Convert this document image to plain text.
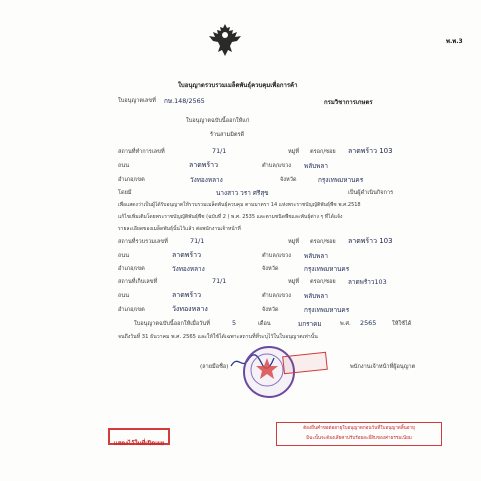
พ.พ.3
ใบอนุญาตรวบรวมเมล็ดพันธุ์ควบคุมเพื่อการค้า
ใบอนุญาตเลขที่ กษ.148/2565	กรมวิชาการเกษตร
ใบอนุญาตฉบับนี้ออกให้แก่
ร้านสามมิตรดี
สถานที่ทำการเลขที่	71/1	หมู่ที่ ตรอก/ซอย ลาดพร้าว 103
ถนน	ลาดพร้าว	ตำบล/แขวง พลับพลา
อำเภอ/เขต	วังทองหลาง	จังหวัด	กรุงเทพมหานคร
โดยมี	นางสาว วรา ศรีสุข	เป็นผู้ดำเนินกิจการ
เพื่อแสดงว่าเป็นผู้ได้รับอนุญาตให้รวบรวมเมล็ดพันธุ์ควบคุม ตามมาตรา 14 แห่งพระราชบัญญัติพันธุ์พืช พ.ศ.2518
แก้ไขเพิ่มเติมโดยพระราชบัญญัติพันธุ์พืช (ฉบับที่ 2 ) พ.ศ. 2535 และตามชนิดพืชและพันธุ์ต่าง ๆ ที่ได้แจ้ง
รายละเอียดของเมล็ดพันธุ์นั้นไว้แล้ว ต่อพนักงานเจ้าหน้าที่
สถานที่รวบรวมเลขที่	71/1	หมู่ที่ ตรอก/ซอย ลาดพร้าว 103
ถนน	ลาดพร้าว	ตำบล/แขวง พลับพลา
อำเภอ/เขต	วังทองหลาง	จังหวัด	กรุงเทพมหานคร
สถานที่เก็บเลขที่	71/1	หมู่ที่ ตรอก/ซอย ลาดพร้าว103
ถนน	ลาดพร้าว	ตำบล/แขวง พลับพลา
อำเภอ/เขต	วังทองหลาง	จังหวัด	กรุงเทพมหานคร
ใบอนุญาตฉบับนี้ออกให้เมื่อวันที่	5	เดือน	มกราคม	พ.ศ. 2565	ให้ใช้ได้
จนถึงวันที่ 31 ธันวาคม พ.ศ. 2565 และให้ใช้ได้เฉพาะสถานที่ที่ระบุไว้ในใบอนุญาตเท่านั้น
(ลายมือชื่อ)	พนักงานเจ้าหน้าที่ผู้อนุญาต
แสดงไว้ในที่เปิดเผย
ต้องยื่นคำขอต่ออายุใบอนุญาตก่อนวันที่ใบอนุญาตสิ้นอายุ
มิฉะนั้นจะต้องเสียค่าปรับร้อยละยี่สิบของค่าธรรมเนียม
